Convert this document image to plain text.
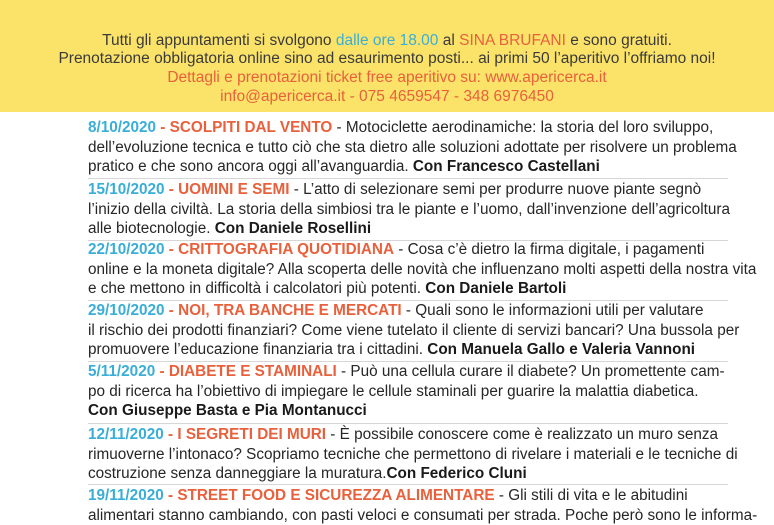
Tutti gli appuntamenti si svolgono dalle ore 18.00 al SINA BRUFANI e sono gratuiti.
Prenotazione obbligatoria online sino ad esaurimento posti... ai primi 50 l’aperitivo l’offriamo noi!
Dettagli e prenotazioni ticket free aperitivo su: www.apericerca.it
info@apericerca.it - 075 4659547 - 348 6976450
8/10/2020 - SCOLPITI DAL VENTO - Motociclette aerodinamiche: la storia del loro sviluppo,
dell’evoluzione tecnica e tutto ciò che sta dietro alle soluzioni adottate per risolvere un problema
pratico e che sono ancora oggi all’avanguardia. Con Francesco Castellani
15/10/2020 - UOMINI E SEMI - L’atto di selezionare semi per produrre nuove piante segnò
l’inizio della civiltà. La storia della simbiosi tra le piante e l’uomo, dall’invenzione dell’agricoltura
alle biotecnologie. Con Daniele Rosellini
22/10/2020 - CRITTOGRAFIA QUOTIDIANA - Cosa c’è dietro la firma digitale, i pagamenti
online e la moneta digitale? Alla scoperta delle novità che influenzano molti aspetti della nostra vita
e che mettono in difficoltà i calcolatori più potenti. Con Daniele Bartoli
29/10/2020 - NOI, TRA BANCHE E MERCATI - Quali sono le informazioni utili per valutare
il rischio dei prodotti finanziari? Come viene tutelato il cliente di servizi bancari? Una bussola per
promuovere l’educazione finanziaria tra i cittadini. Con Manuela Gallo e Valeria Vannoni
5/11/2020 - DIABETE E STAMINALI - Può una cellula curare il diabete? Un promettente cam-
po di ricerca ha l’obiettivo di impiegare le cellule staminali per guarire la malattia diabetica.
Con Giuseppe Basta e Pia Montanucci
12/11/2020 - I SEGRETI DEI MURI - È possibile conoscere come è realizzato un muro senza
rimuoverne l’intonaco? Scopriamo tecniche che permettono di rivelare i materiali e le tecniche di
costruzione senza danneggiare la muratura.Con Federico Cluni
19/11/2020 - STREET FOOD E SICUREZZA ALIMENTARE - Gli stili di vita e le abitudini
alimentari stanno cambiando, con pasti veloci e consumati per strada. Poche però sono le informa-
